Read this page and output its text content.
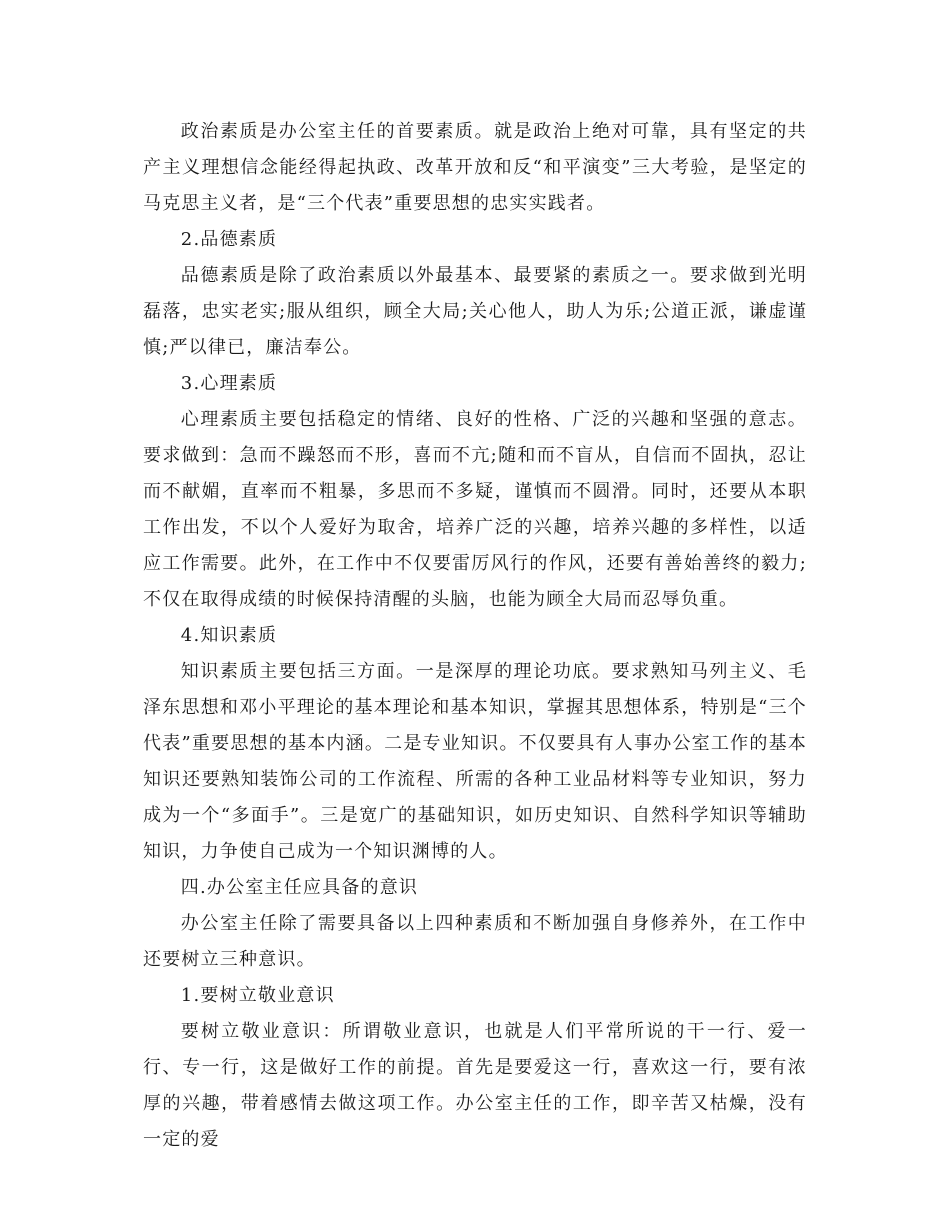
政治素质是办公室主任的首要素质。就是政治上绝对可靠，具有坚定的共产主义理想信念能经得起执政、改革开放和反“和平演变”三大考验，是坚定的马克思主义者，是“三个代表”重要思想的忠实实践者。

2.品德素质

品德素质是除了政治素质以外最基本、最要紧的素质之一。要求做到光明磊落，忠实老实;服从组织，顾全大局;关心他人，助人为乐;公道正派，谦虚谨慎;严以律已，廉洁奉公。

3.心理素质

心理素质主要包括稳定的情绪、良好的性格、广泛的兴趣和坚强的意志。要求做到：急而不躁怒而不形，喜而不亢;随和而不盲从，自信而不固执，忍让而不献媚，直率而不粗暴，多思而不多疑，谨慎而不圆滑。同时，还要从本职工作出发，不以个人爱好为取舍，培养广泛的兴趣，培养兴趣的多样性，以适应工作需要。此外，在工作中不仅要雷厉风行的作风，还要有善始善终的毅力;不仅在取得成绩的时候保持清醒的头脑，也能为顾全大局而忍辱负重。

4.知识素质

知识素质主要包括三方面。一是深厚的理论功底。要求熟知马列主义、毛泽东思想和邓小平理论的基本理论和基本知识，掌握其思想体系，特别是“三个代表”重要思想的基本内涵。二是专业知识。不仅要具有人事办公室工作的基本知识还要熟知装饰公司的工作流程、所需的各种工业品材料等专业知识，努力成为一个“多面手”。三是宽广的基础知识，如历史知识、自然科学知识等辅助知识，力争使自己成为一个知识渊博的人。

四.办公室主任应具备的意识

办公室主任除了需要具备以上四种素质和不断加强自身修养外，在工作中还要树立三种意识。

1.要树立敬业意识

要树立敬业意识：所谓敬业意识，也就是人们平常所说的干一行、爱一行、专一行，这是做好工作的前提。首先是要爱这一行，喜欢这一行，要有浓厚的兴趣，带着感情去做这项工作。办公室主任的工作，即辛苦又枯燥，没有一定的爱
